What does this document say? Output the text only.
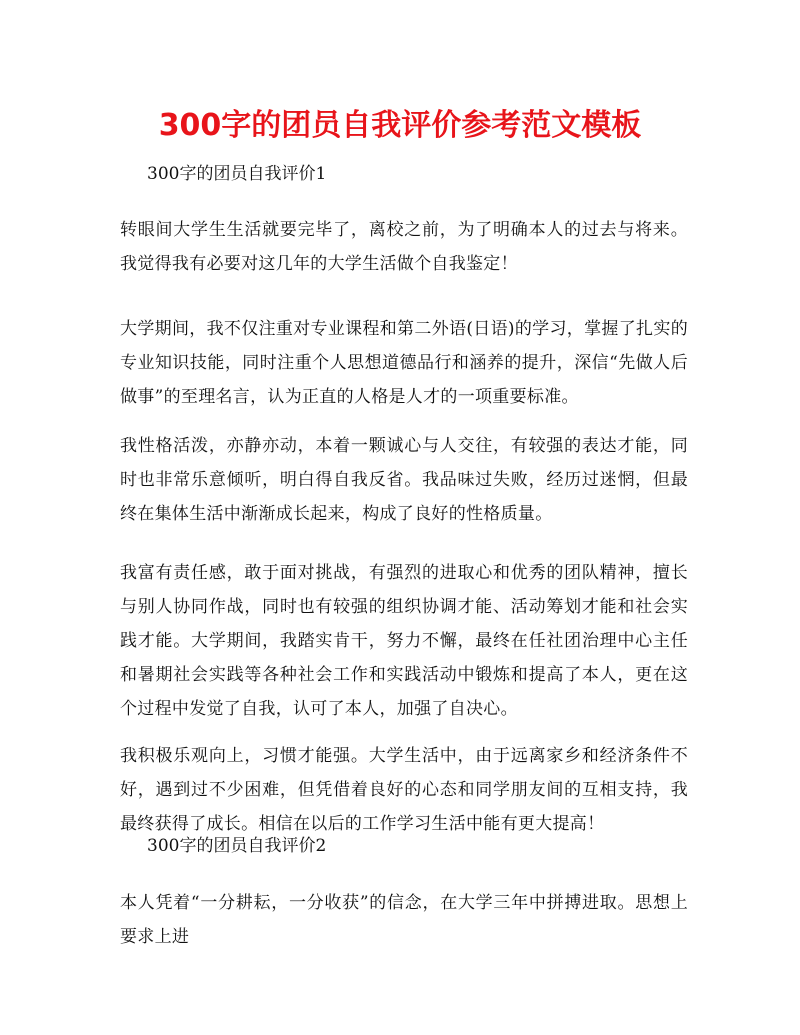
300字的团员自我评价参考范文模板

300字的团员自我评价1

转眼间大学生生活就要完毕了，离校之前，为了明确本人的过去与将来。我觉得我有必要对这几年的大学生活做个自我鉴定！

大学期间，我不仅注重对专业课程和第二外语(日语)的学习，掌握了扎实的专业知识技能，同时注重个人思想道德品行和涵养的提升，深信“先做人后做事”的至理名言，认为正直的人格是人才的一项重要标准。

我性格活泼，亦静亦动，本着一颗诚心与人交往，有较强的表达才能，同时也非常乐意倾听，明白得自我反省。我品味过失败，经历过迷惘，但最终在集体生活中渐渐成长起来，构成了良好的性格质量。

我富有责任感，敢于面对挑战，有强烈的进取心和优秀的团队精神，擅长与别人协同作战，同时也有较强的组织协调才能、活动筹划才能和社会实践才能。大学期间，我踏实肯干，努力不懈，最终在任社团治理中心主任和暑期社会实践等各种社会工作和实践活动中锻炼和提高了本人，更在这个过程中发觉了自我，认可了本人，加强了自决心。

我积极乐观向上，习惯才能强。大学生活中，由于远离家乡和经济条件不好，遇到过不少困难，但凭借着良好的心态和同学朋友间的互相支持，我最终获得了成长。相信在以后的工作学习生活中能有更大提高！

300字的团员自我评价2

本人凭着“一分耕耘，一分收获”的信念，在大学三年中拼搏进取。思想上要求上进
